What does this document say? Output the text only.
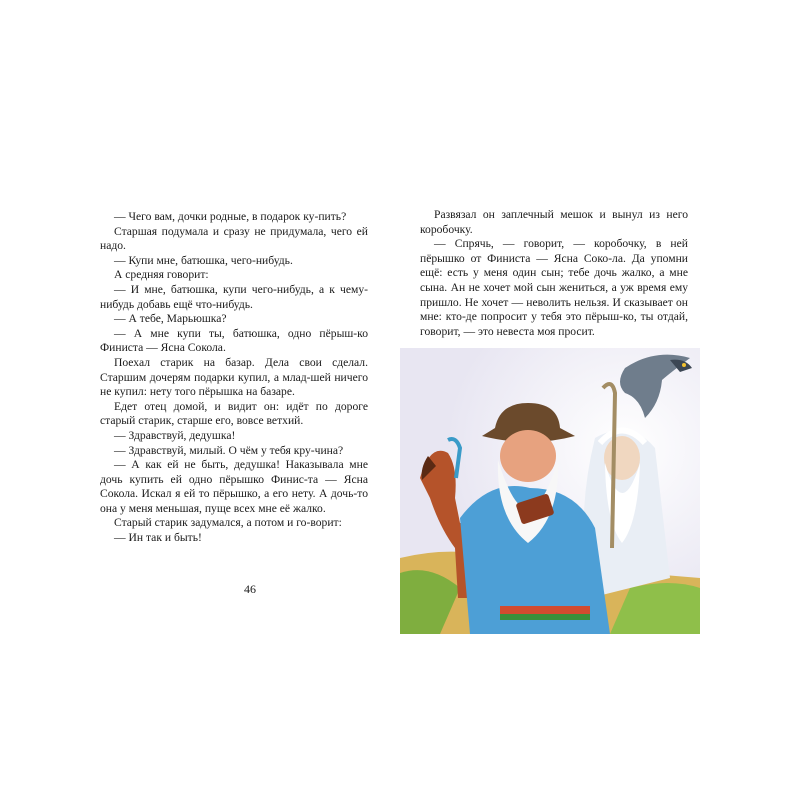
— Чего вам, дочки родные, в подарок ку-пить?

Старшая подумала и сразу не придумала, чего ей надо.

— Купи мне, батюшка, чего-нибудь.

А средняя говорит:

— И мне, батюшка, купи чего-нибудь, а к чему-нибудь добавь ещё что-нибудь.

— А тебе, Марьюшка?

— А мне купи ты, батюшка, одно пёрыш-ко Финиста — Ясна Сокола.

Поехал старик на базар. Дела свои сделал. Старшим дочерям подарки купил, а млад-шей ничего не купил: нету того пёрышка на базаре.

Едет отец домой, и видит он: идёт по дороге старый старик, старше его, вовсе ветхий.

— Здравствуй, дедушка!

— Здравствуй, милый. О чём у тебя кру-чина?

— А как ей не быть, дедушка! Наказывала мне дочь купить ей одно пёрышко Финис-та — Ясна Сокола. Искал я ей то пёрышко, а его нету. А дочь-то она у меня меньшая, пуще всех мне её жалко.

Старый старик задумался, а потом и го-ворит:

— Ин так и быть!

46

Развязал он заплечный мешок и вынул из него коробочку.

— Спрячь, — говорит, — коробочку, в ней пёрышко от Финиста — Ясна Соко-ла. Да упомни ещё: есть у меня один сын; тебе дочь жалко, а мне сына. Ан не хочет мой сын жениться, а уж время ему пришло. Не хочет — неволить нельзя. И сказывает он мне: кто-де попросит у тебя это пёрыш-ко, ты отдай, говорит, — это невеста моя просит.
